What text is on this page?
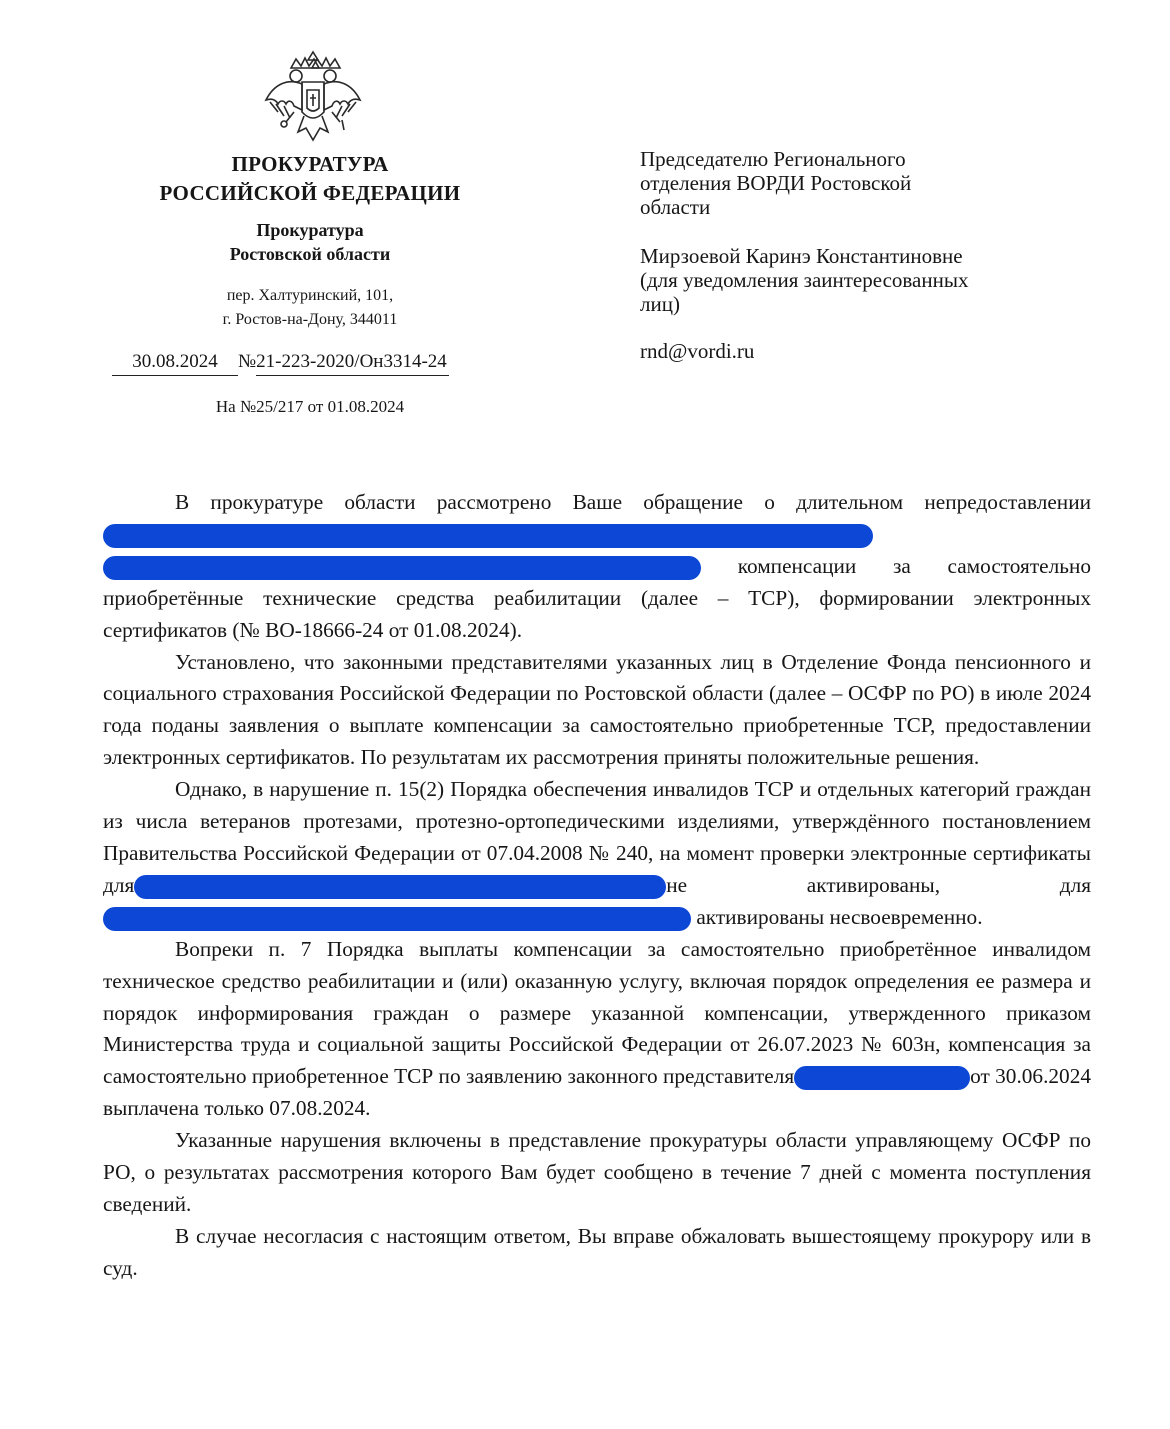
ПРОКУРАТУРА
РОССИЙСКОЙ ФЕДЕРАЦИИ
Прокуратура
Ростовской области
пер. Халтуринский, 101,
г. Ростов-на-Дону, 344011
30.08.2024 №21-223-2020/Он3314-24
На №25/217 от 01.08.2024
Председателю Регионального
отделения ВОРДИ Ростовской
области
Мирзоевой Каринэ Константиновне
(для уведомления заинтересованных
лиц)
rnd@vordi.ru

В прокуратуре области рассмотрено Ваше обращение о длительном непредоставлении  компенсации за самостоятельно приобретённые технические средства реабилитации (далее – ТСР), формировании электронных сертификатов (№ ВО-18666-24 от 01.08.2024).

Установлено, что законными представителями указанных лиц в Отделение Фонда пенсионного и социального страхования Российской Федерации по Ростовской области (далее – ОСФР по РО) в июле 2024 года поданы заявления о выплате компенсации за самостоятельно приобретенные ТСР, предоставлении электронных сертификатов. По результатам их рассмотрения приняты положительные решения.

Однако, в нарушение п. 15(2) Порядка обеспечения инвалидов ТСР и отдельных категорий граждан из числа ветеранов протезами, протезно-ортопедическими изделиями, утверждённого постановлением Правительства Российской Федерации от 07.04.2008 № 240, на момент проверки электронные сертификаты для	не активированы, для  активированы несвоевременно.

Вопреки п. 7 Порядка выплаты компенсации за самостоятельно приобретённое инвалидом техническое средство реабилитации и (или) оказанную услугу, включая порядок определения ее размера и порядок информирования граждан о размере указанной компенсации, утвержденного приказом Министерства труда и социальной защиты Российской Федерации от 26.07.2023 № 603н, компенсация за самостоятельно приобретенное ТСР по заявлению законного представителя	от 30.06.2024 выплачена только 07.08.2024.

Указанные нарушения включены в представление прокуратуры области управляющему ОСФР по РО, о результатах рассмотрения которого Вам будет сообщено в течение 7 дней с момента поступления сведений.

В случае несогласия с настоящим ответом, Вы вправе обжаловать вышестоящему прокурору или в суд.
